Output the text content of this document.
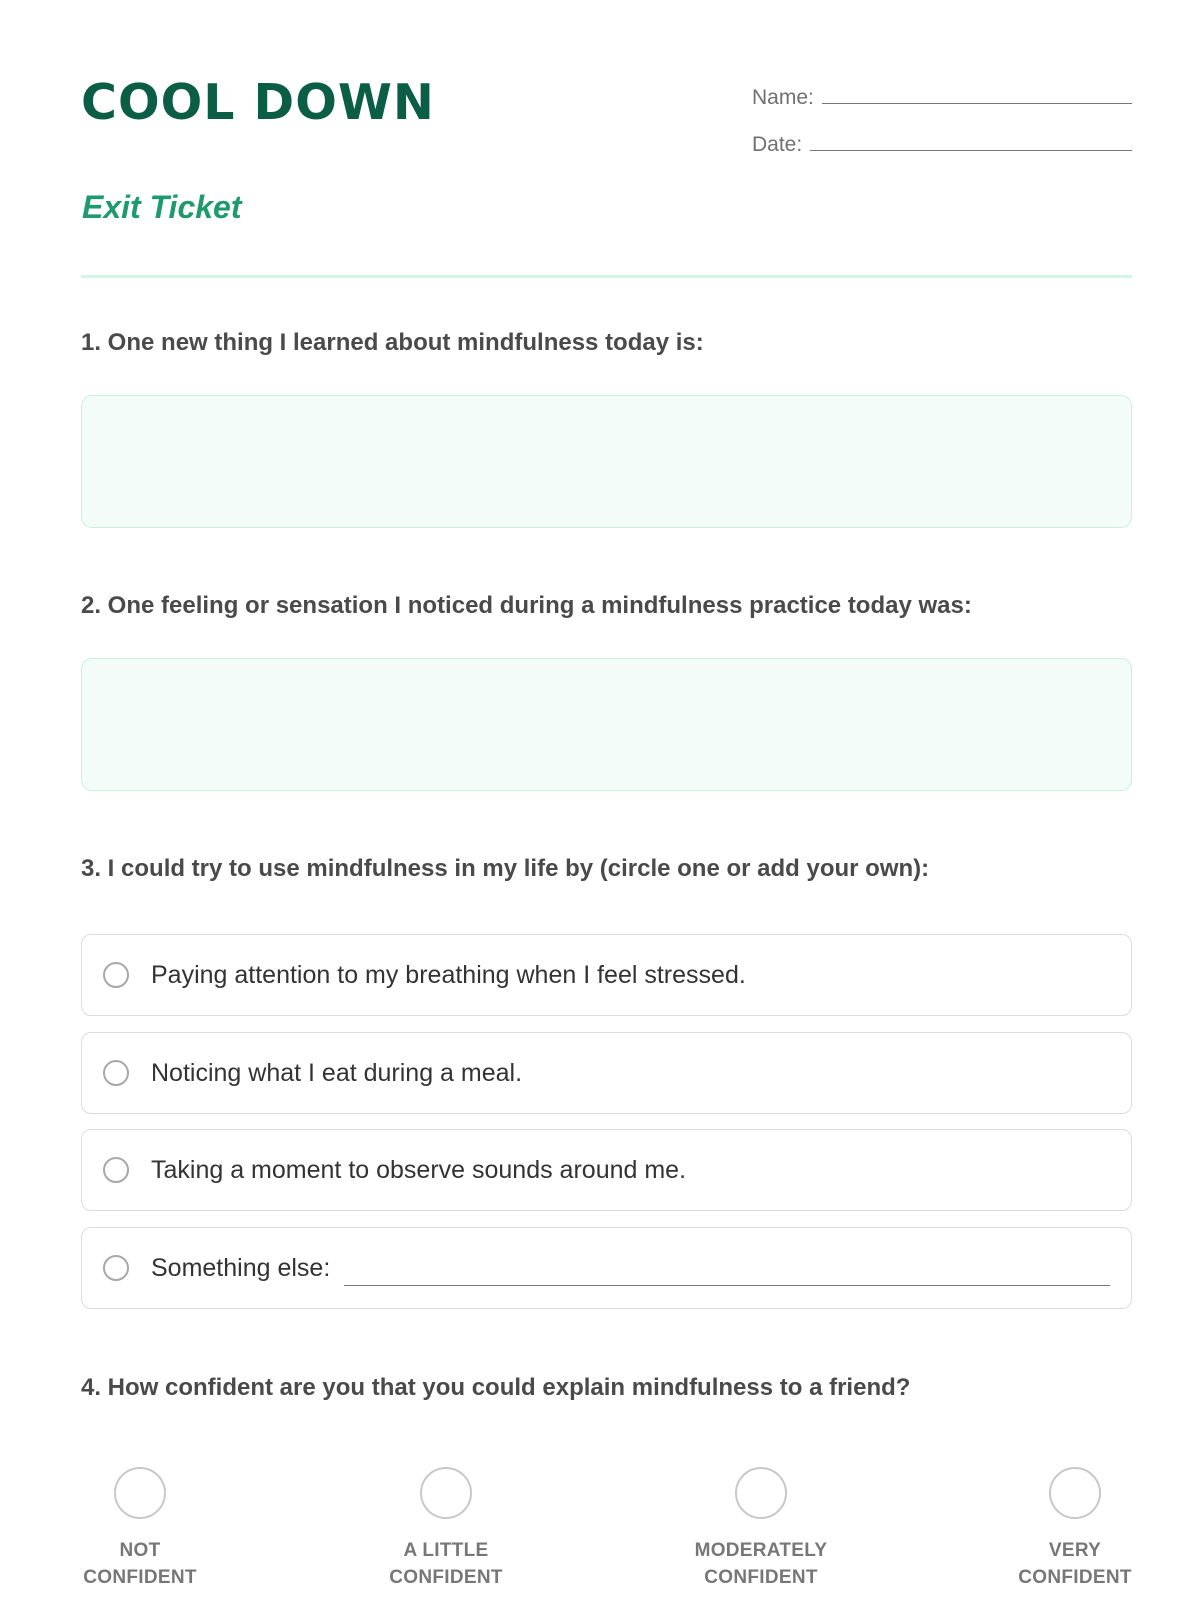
COOL DOWN
Exit Ticket
Name:
Date:

1. One new thing I learned about mindfulness today is:

2. One feeling or sensation I noticed during a mindfulness practice today was:

3. I could try to use mindfulness in my life by (circle one or add your own):

Paying attention to my breathing when I feel stressed.
Noticing what I eat during a meal.
Taking a moment to observe sounds around me.
Something else:

4. How confident are you that you could explain mindfulness to a friend?

NOT
CONFIDENT
A LITTLE
CONFIDENT
MODERATELY
CONFIDENT
VERY
CONFIDENT
